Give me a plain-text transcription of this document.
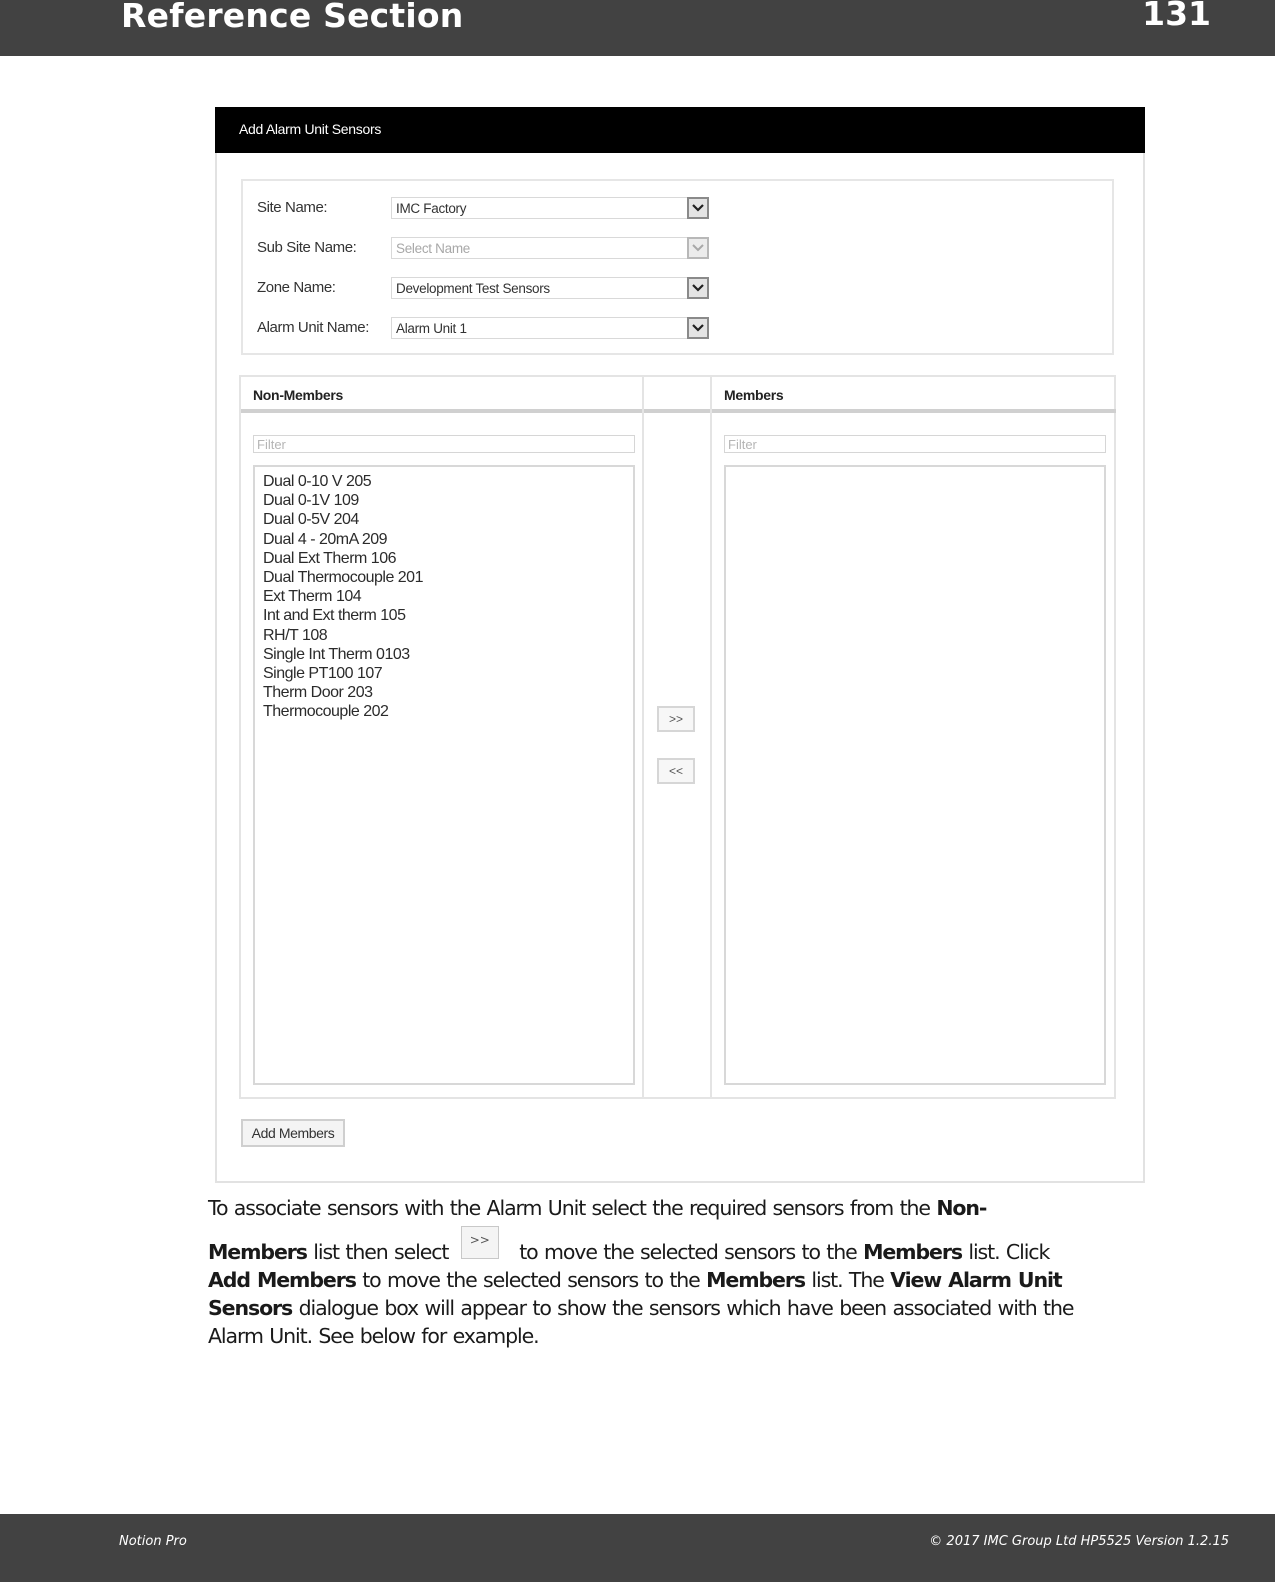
Reference Section	131
Add Alarm Unit Sensors
Site Name:	IMC Factory
Sub Site Name:	Select Name
Zone Name:	Development Test Sensors
Alarm Unit Name: Alarm Unit 1
Non-Members
Filter
Dual 0-10 V 205
Dual 0-1V 109
Dual 0-5V 204
Dual 4 - 20mA 209
Dual Ext Therm 106
Dual Thermocouple 201
Ext Therm 104
Int and Ext therm 105
RH/T 108
Single Int Therm 0103
Single PT100 107
Therm Door 203
Thermocouple 202	>>
<<
Members
Filter
Add Members
To associate sensors with the Alarm Unit select the required sensors from the Non-
Members list then select >> to move the selected sensors to the Members list. Click
Add Members to move the selected sensors to the Members list. The View Alarm Unit
Sensors dialogue box will appear to show the sensors which have been associated with the
Alarm Unit. See below for example.
Notion Pro	© 2017 IMC Group Ltd HP5525 Version 1.2.15
